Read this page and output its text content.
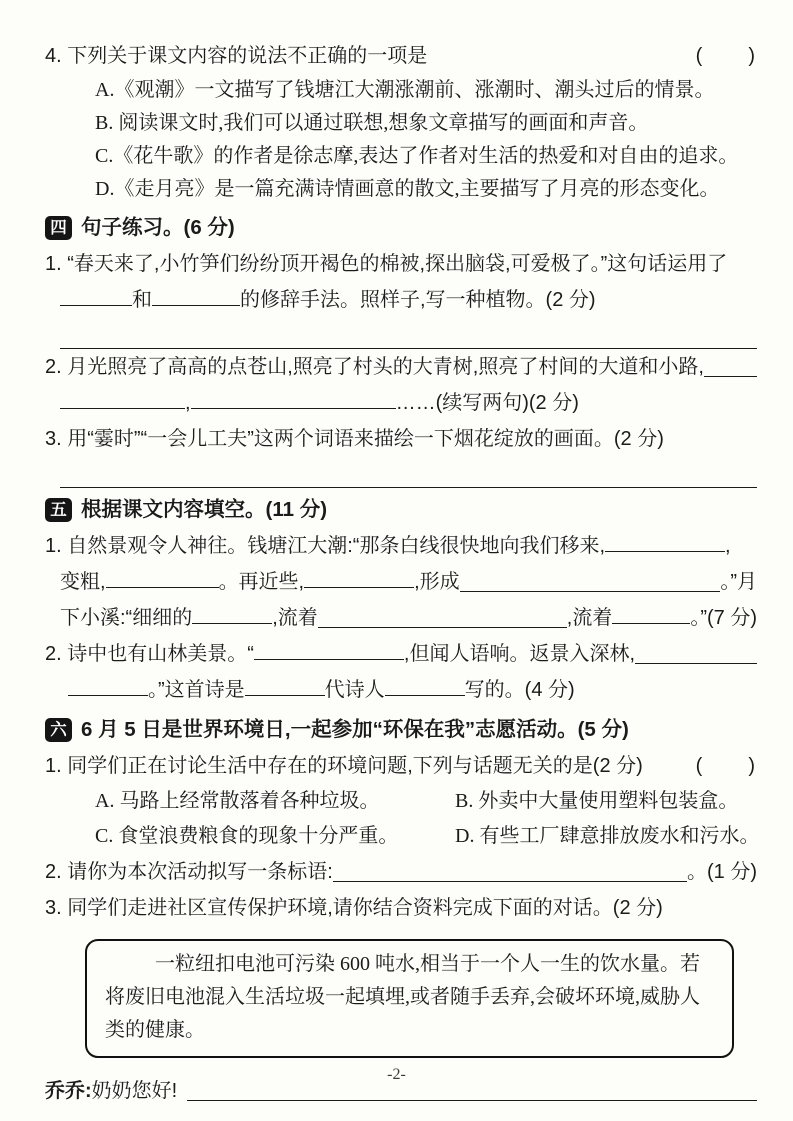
4. 下列关于课文内容的说法不正确的一项是	(　　)
A.《观潮》一文描写了钱塘江大潮涨潮前、涨潮时、潮头过后的情景。
B. 阅读课文时,我们可以通过联想,想象文章描写的画面和声音。
C.《花牛歌》的作者是徐志摩,表达了作者对生活的热爱和对自由的追求。
D.《走月亮》是一篇充满诗情画意的散文,主要描写了月亮的形态变化。
四 句子练习。(6 分)
1. “春天来了,小竹笋们纷纷顶开褐色的棉被,探出脑袋,可爱极了。”这句话运用了
和	的修辞手法。照样子,写一种植物。(2 分)
2. 月光照亮了高高的点苍山,照亮了村头的大青树,照亮了村间的大道和小路,
,	……(续写两句)(2 分)
3. 用“霎时”“一会儿工夫”这两个词语来描绘一下烟花绽放的画面。(2 分)
五 根据课文内容填空。(11 分)
1. 自然景观令人神往。钱塘江大潮:“那条白线很快地向我们移来,	,
变粗,	。再近些,	,形成	。”月
下小溪:“细细的	,流着	,流着	。”(7 分)
2. 诗中也有山林美景。“	,但闻人语响。返景入深林,
。”这首诗是	代诗人	写的。(4 分)
六 6 月 5 日是世界环境日,一起参加“环保在我”志愿活动。(5 分)
1. 同学们正在讨论生活中存在的环境问题,下列与话题无关的是(2 分)	(　　)
A. 马路上经常散落着各种垃圾。	B. 外卖中大量使用塑料包装盒。
C. 食堂浪费粮食的现象十分严重。	D. 有些工厂肆意排放废水和污水。
2. 请你为本次活动拟写一条标语:	。(1 分)
3. 同学们走进社区宣传保护环境,请你结合资料完成下面的对话。(2 分)

一粒纽扣电池可污染 600 吨水,相当于一个人一生的饮水量。若将废旧电池混入生活垃圾一起填埋,或者随手丢弃,会破坏环境,威胁人类的健康。

乔乔: 奶奶您好!
-2-
